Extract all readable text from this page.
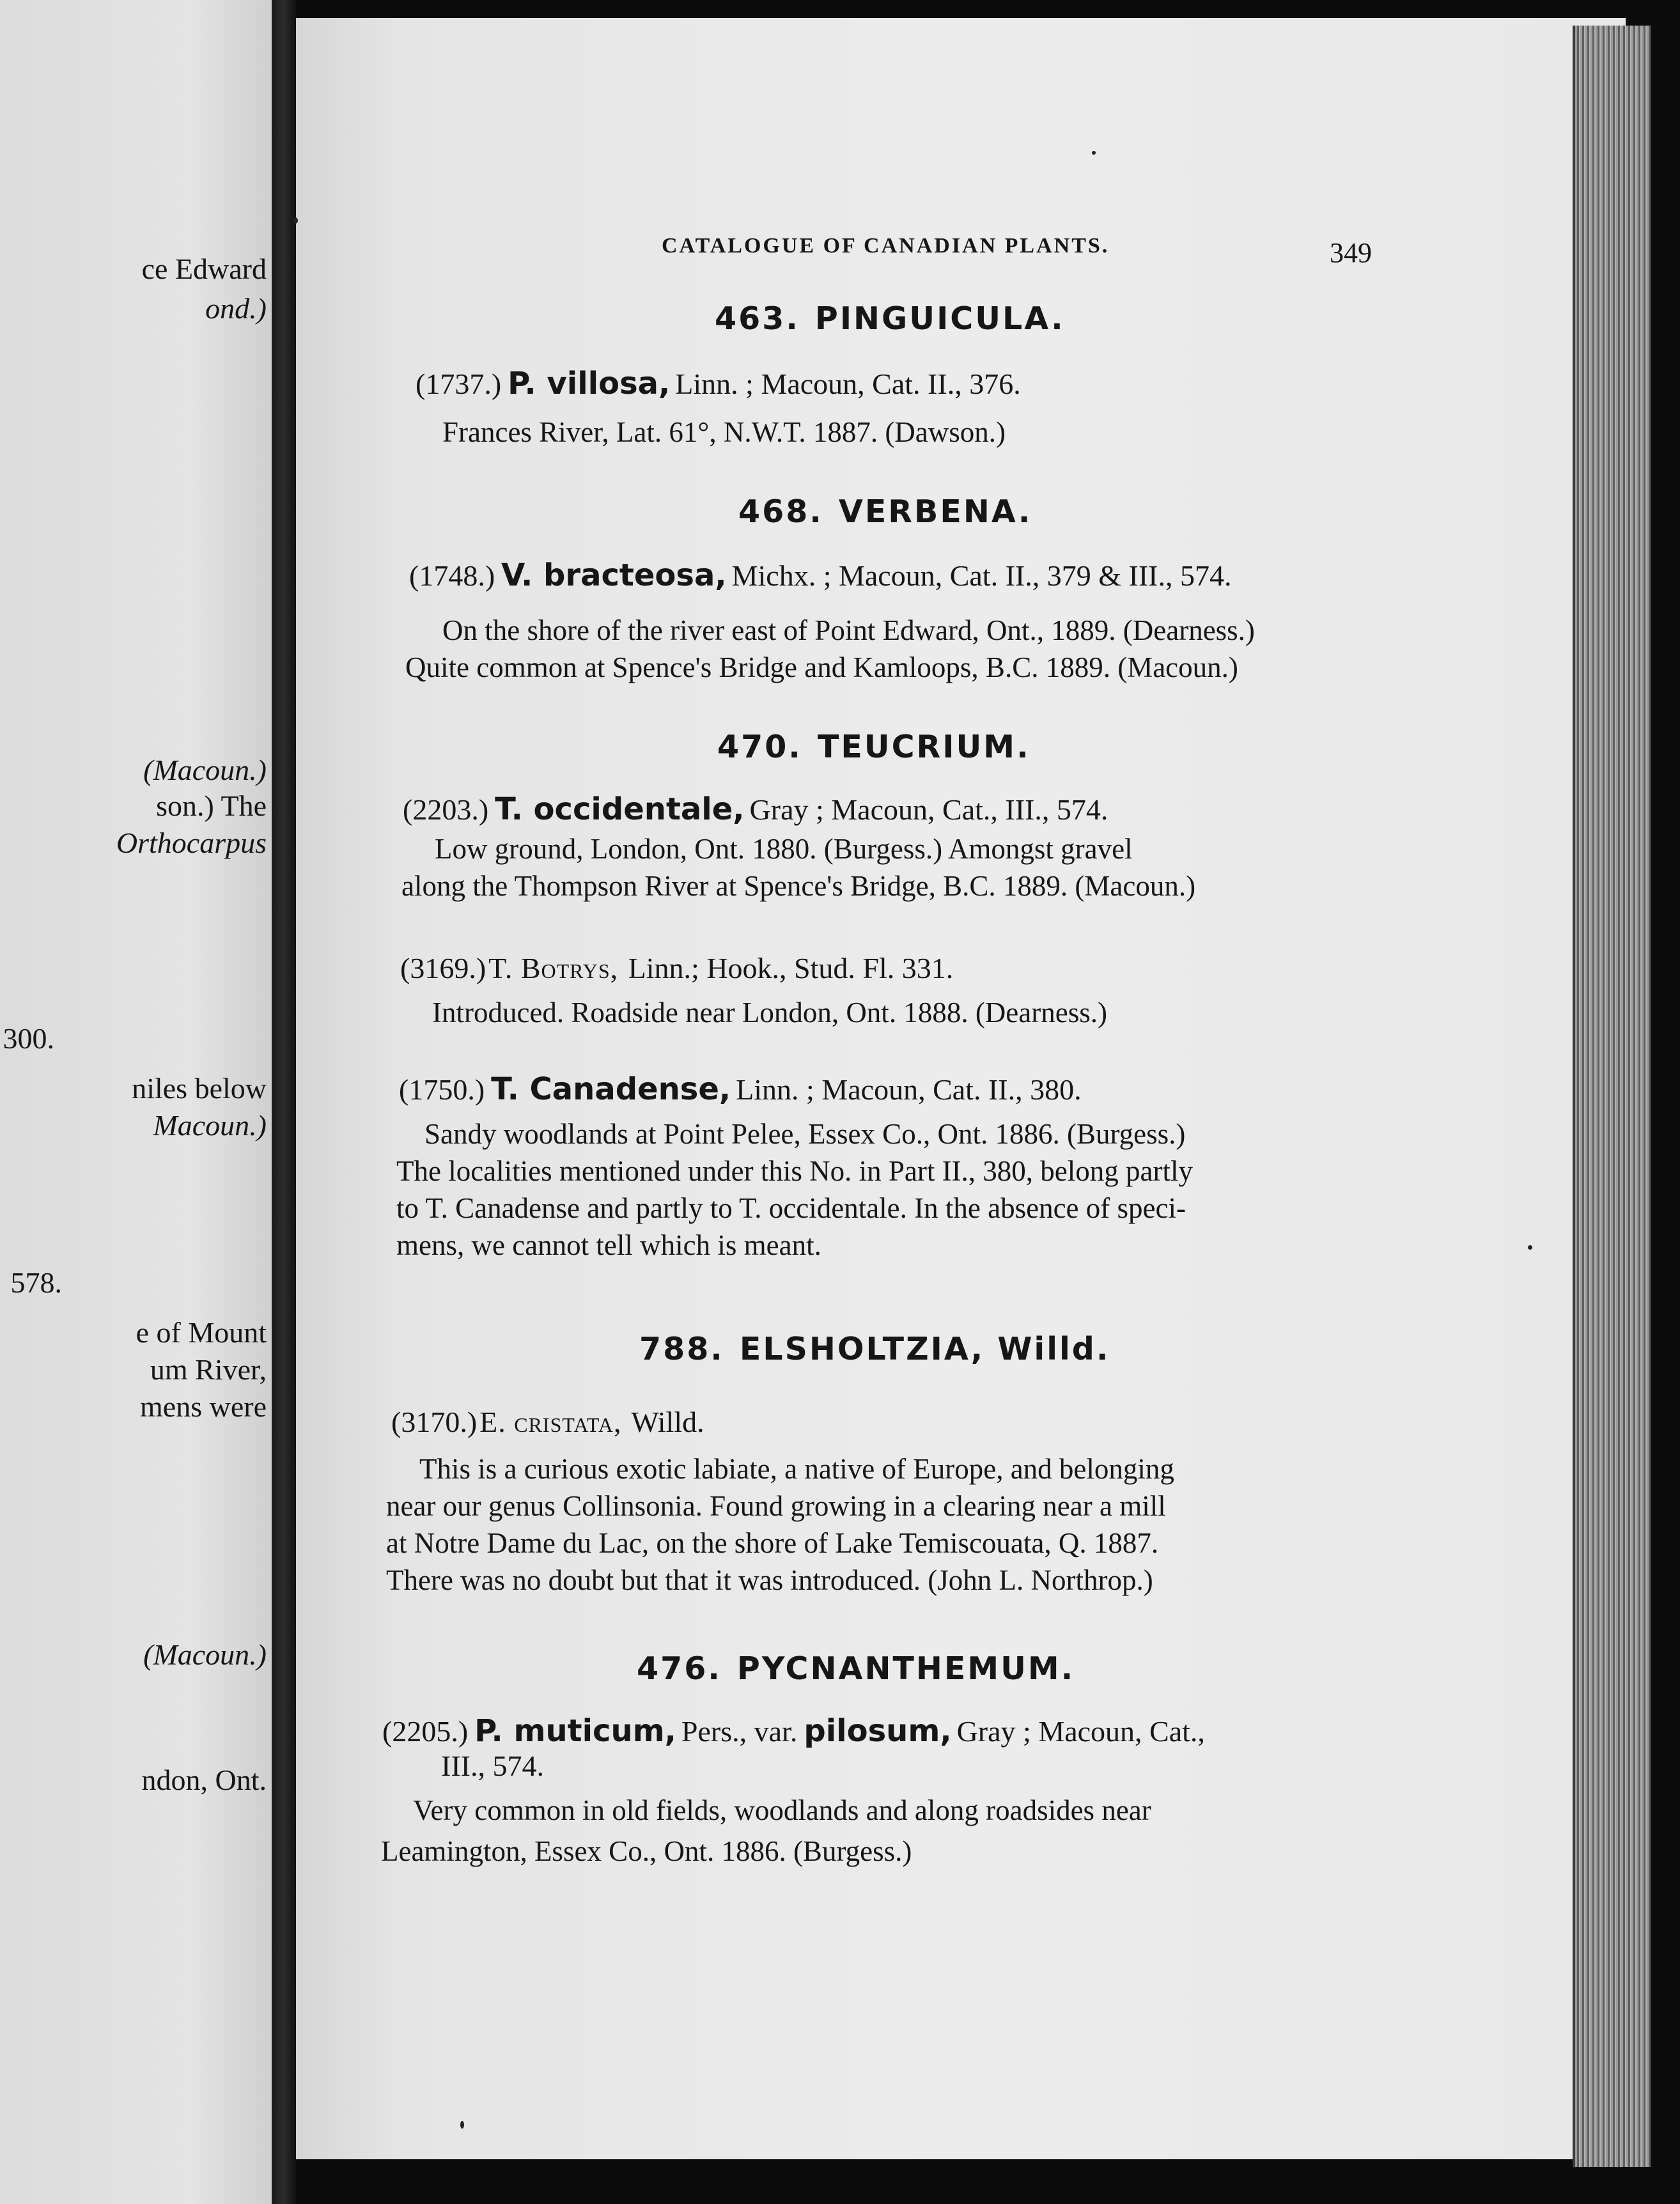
ce Edward
ond.)
(Macoun.)
son.) The
Orthocarpus
300.
niles below
Macoun.)
578.
e of Mount
um River,
mens were
(Macoun.)
ndon, Ont.
CATALOGUE OF CANADIAN PLANTS.	349
463. PINGUICULA.
(1737.) P. villosa, Linn. ; Macoun, Cat. II., 376.
Frances River, Lat. 61°, N.W.T. 1887. (Dawson.)
468. VERBENA.
(1748.) V. bracteosa, Michx. ; Macoun, Cat. II., 379 & III., 574.
On the shore of the river east of Point Edward, Ont., 1889. (Dearness.)
Quite common at Spence's Bridge and Kamloops, B.C. 1889. (Macoun.)
470. TEUCRIUM.
(2203.) T. occidentale, Gray ; Macoun, Cat., III., 574.
Low ground, London, Ont. 1880. (Burgess.) Amongst gravel
along the Thompson River at Spence's Bridge, B.C. 1889. (Macoun.)
(3169.)T. Botrys, Linn.; Hook., Stud. Fl. 331.
Introduced. Roadside near London, Ont. 1888. (Dearness.)
(1750.) T. Canadense, Linn. ; Macoun, Cat. II., 380.
Sandy woodlands at Point Pelee, Essex Co., Ont. 1886. (Burgess.)
The localities mentioned under this No. in Part II., 380, belong partly
to T. Canadense and partly to T. occidentale. In the absence of speci-
mens, we cannot tell which is meant.
788. ELSHOLTZIA, Willd.
(3170.)E. cristata, Willd.
This is a curious exotic labiate, a native of Europe, and belonging
near our genus Collinsonia. Found growing in a clearing near a mill
at Notre Dame du Lac, on the shore of Lake Temiscouata, Q. 1887.
There was no doubt but that it was introduced. (John L. Northrop.)
476. PYCNANTHEMUM.
(2205.) P. muticum, Pers., var. pilosum, Gray ; Macoun, Cat.,
III., 574.
Very common in old fields, woodlands and along roadsides near
Leamington, Essex Co., Ont. 1886. (Burgess.)
